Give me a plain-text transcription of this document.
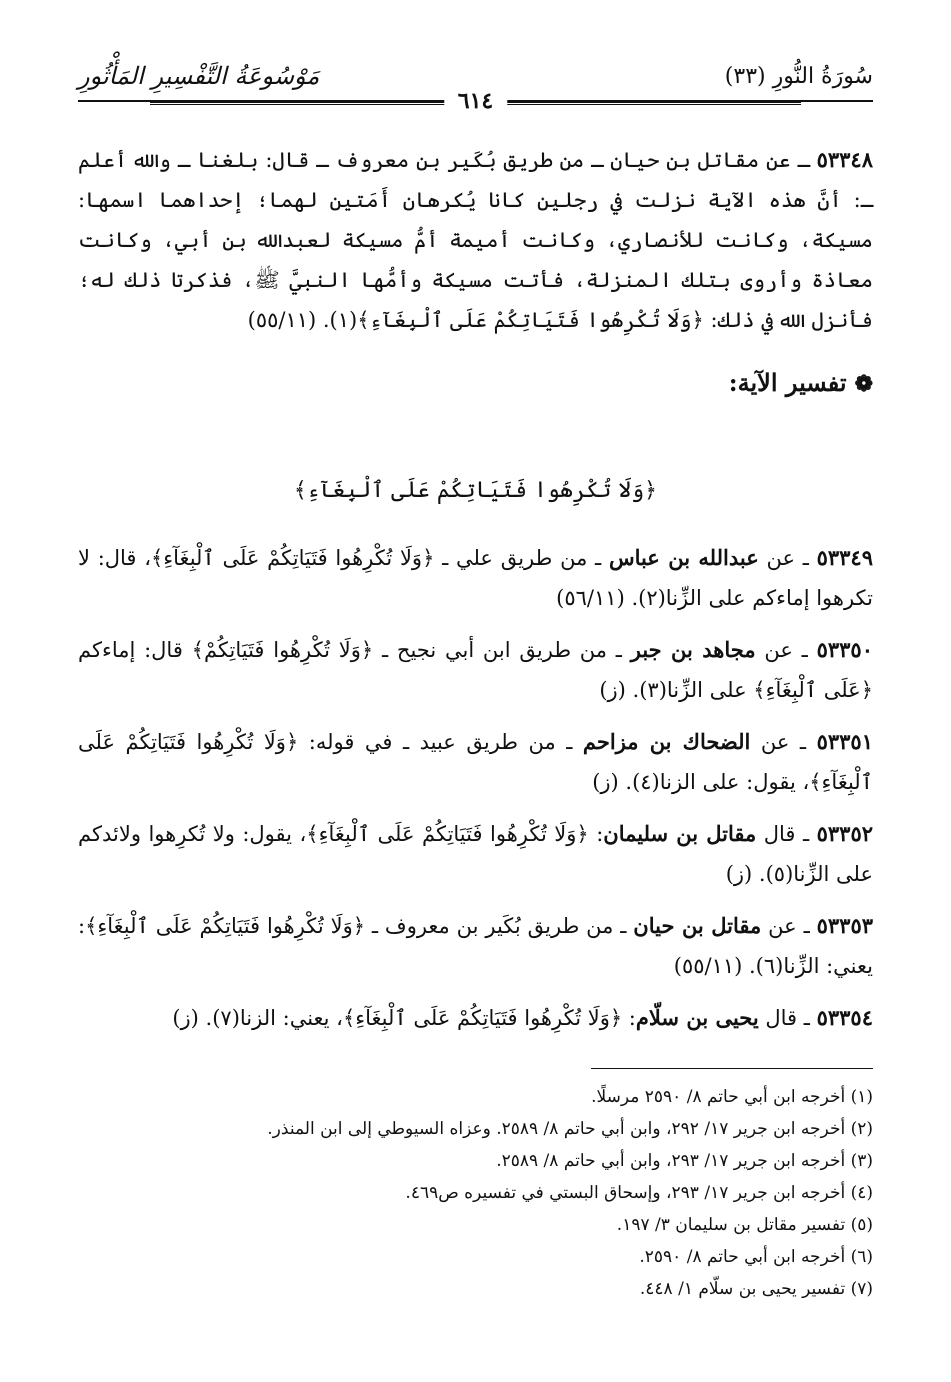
سُورَةُ النُّورِ (٣٣)
مَوْسُوعَةُ التَّفْسِيرِ المَأْثُورِ
٦١٤

٥٣٣٤٨ ـ عن مقاتل بن حيان ـ من طريق بُكَير بن معروف ـ قال: بلغنا ـ والله أعلم ـ: أنَّ هذه الآية نزلت في رجلين كانا يُكرهان أَمَتين لهما؛ إحداهما اسمها: مسيكة، وكانت للأنصاري، وكانت أميمة أمُّ مسيكة لعبدالله بن أبي، وكانت معاذة وأروى بتلك المنزلة، فأتت مسيكة وأمُّها النبيَّ ﷺ، فذكرتا ذلك له؛ فأنزل الله في ذلك: ﴿وَلَا تُكْرِهُوا فَتَيَاتِكُمْ عَلَى ٱلْبِغَآءِ﴾(١). (٥٥/١١)

❁تفسير الآية:
﴿وَلَا تُكْرِهُوا فَتَيَاتِكُمْ عَلَى ٱلْبِغَآءِ﴾

٥٣٣٤٩ ـ عن عبدالله بن عباس ـ من طريق علي ـ ﴿وَلَا تُكْرِهُوا فَتَيَاتِكُمْ عَلَى ٱلْبِغَآءِ﴾، قال: لا تكرهوا إماءكم على الزِّنا(٢). (٥٦/١١)

٥٣٣٥٠ ـ عن مجاهد بن جبر ـ من طريق ابن أبي نجيح ـ ﴿وَلَا تُكْرِهُوا فَتَيَاتِكُمْ﴾ قال: إماءكم ﴿عَلَى ٱلْبِغَآءِ﴾ على الزِّنا(٣). (ز)

٥٣٣٥١ ـ عن الضحاك بن مزاحم ـ من طريق عبيد ـ في قوله: ﴿وَلَا تُكْرِهُوا فَتَيَاتِكُمْ عَلَى ٱلْبِغَآءِ﴾، يقول: على الزنا(٤). (ز)

٥٣٣٥٢ ـ قال مقاتل بن سليمان: ﴿وَلَا تُكْرِهُوا فَتَيَاتِكُمْ عَلَى ٱلْبِغَآءِ﴾، يقول: ولا تُكرِهوا ولائدكم على الزِّنا(٥). (ز)

٥٣٣٥٣ ـ عن مقاتل بن حيان ـ من طريق بُكَير بن معروف ـ ﴿وَلَا تُكْرِهُوا فَتَيَاتِكُمْ عَلَى ٱلْبِغَآءِ﴾: يعني: الزِّنا(٦). (٥٥/١١)

٥٣٣٥٤ ـ قال يحيى بن سلّام: ﴿وَلَا تُكْرِهُوا فَتَيَاتِكُمْ عَلَى ٱلْبِغَآءِ﴾، يعني: الزنا(٧). (ز)

(١) أخرجه ابن أبي حاتم ٨/ ٢٥٩٠ مرسلًا.

(٢) أخرجه ابن جرير ١٧/ ٢٩٢، وابن أبي حاتم ٨/ ٢٥٨٩. وعزاه السيوطي إلى ابن المنذر.

(٣) أخرجه ابن جرير ١٧/ ٢٩٣، وابن أبي حاتم ٨/ ٢٥٨٩.

(٤) أخرجه ابن جرير ١٧/ ٢٩٣، وإسحاق البستي في تفسيره ص٤٦٩.

(٥) تفسير مقاتل بن سليمان ٣/ ١٩٧.

(٦) أخرجه ابن أبي حاتم ٨/ ٢٥٩٠.

(٧) تفسير يحيى بن سلّام ١/ ٤٤٨.
